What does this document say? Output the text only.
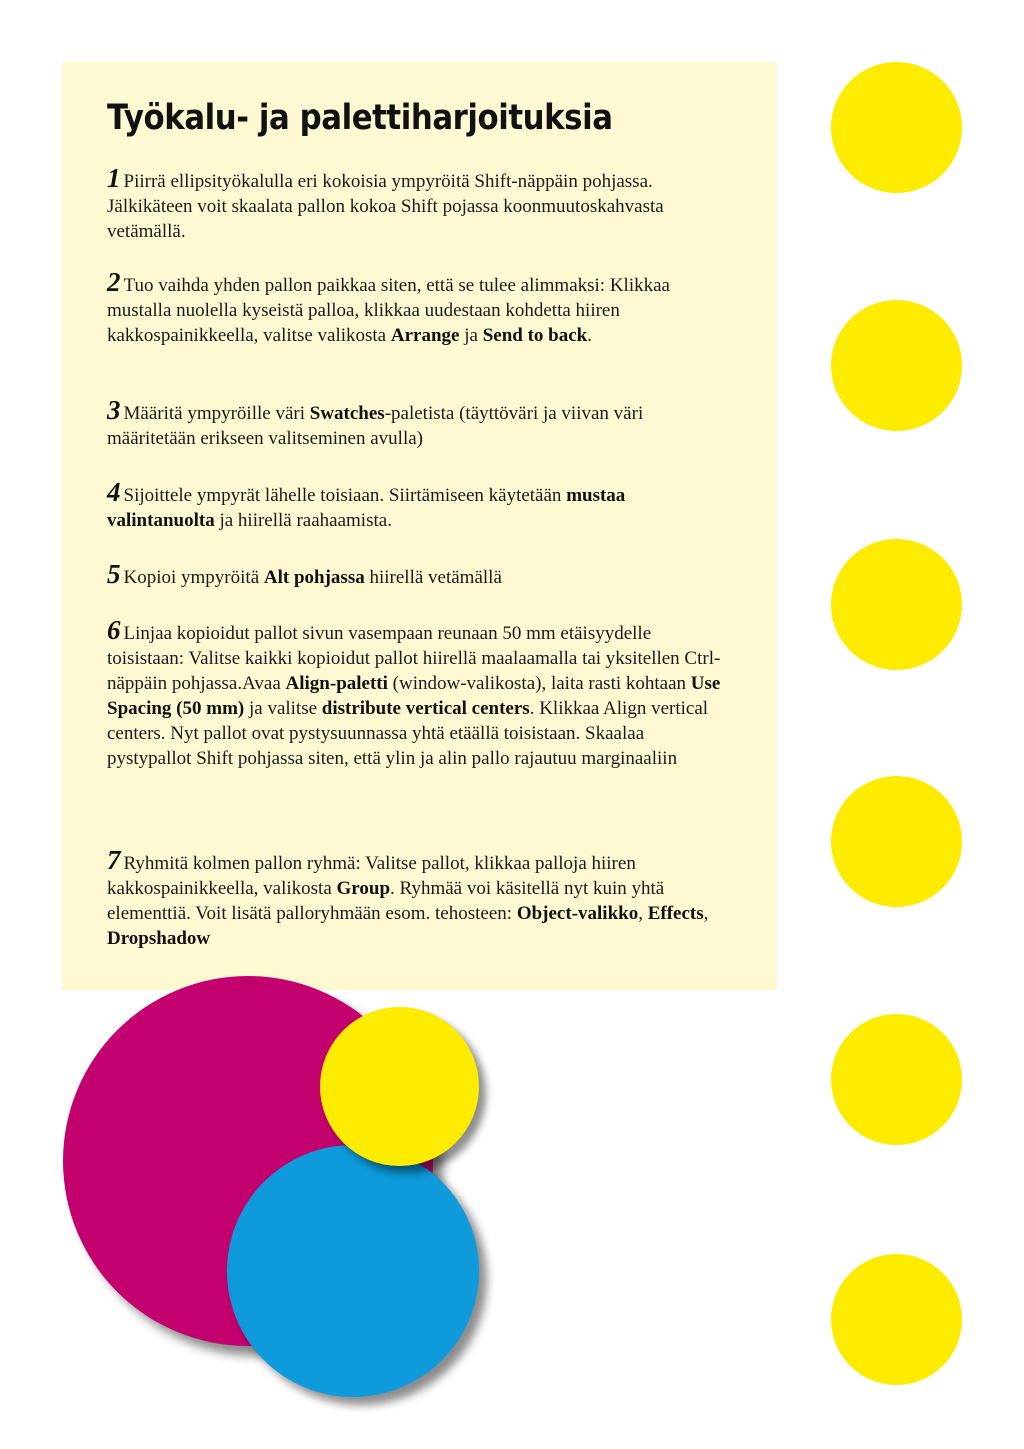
Työkalu- ja palettiharjoituksia

1 Piirrä ellipsityökalulla eri kokoisia ympyröitä Shift-näppäin pohjassa. Jälkikäteen voit skaalata pallon kokoa Shift pojassa koonmuutoskahvasta vetämällä.

2 Tuo vaihda yhden pallon paikkaa siten, että se tulee alimmaksi: Klikkaa mustalla nuolella kyseistä palloa, klikkaa uudestaan kohdetta hiiren kakkospainikkeella, valitse valikosta Arrange ja Send to back.

3 Määritä ympyröille väri Swatches-paletista (täyttöväri ja viivan väri määritetään erikseen valitseminen avulla)

4 Sijoittele ympyrät lähelle toisiaan. Siirtämiseen käytetään mustaa valintanuolta ja hiirellä raahaamista.

5 Kopioi ympyröitä Alt pohjassa hiirellä vetämällä

6 Linjaa kopioidut pallot sivun vasempaan reunaan 50 mm etäisyydelle toisistaan: Valitse kaikki kopioidut pallot hiirellä maalaamalla tai yksitellen Ctrl-näppäin pohjassa.Avaa Align-paletti (window-valikosta), laita rasti kohtaan Use Spacing (50 mm) ja valitse distribute vertical centers. Klikkaa Align vertical centers. Nyt pallot ovat pystysuunnassa yhtä etäällä toisistaan. Skaalaa pystypallot Shift pohjassa siten, että ylin ja alin pallo rajautuu marginaaliin

7 Ryhmitä kolmen pallon ryhmä: Valitse pallot, klikkaa palloja hiiren kakkospainikkeella, valikosta Group. Ryhmää voi käsitellä nyt kuin yhtä elementtiä. Voit lisätä palloryhmään esom. tehosteen: Object-valikko, Effects, Dropshadow
